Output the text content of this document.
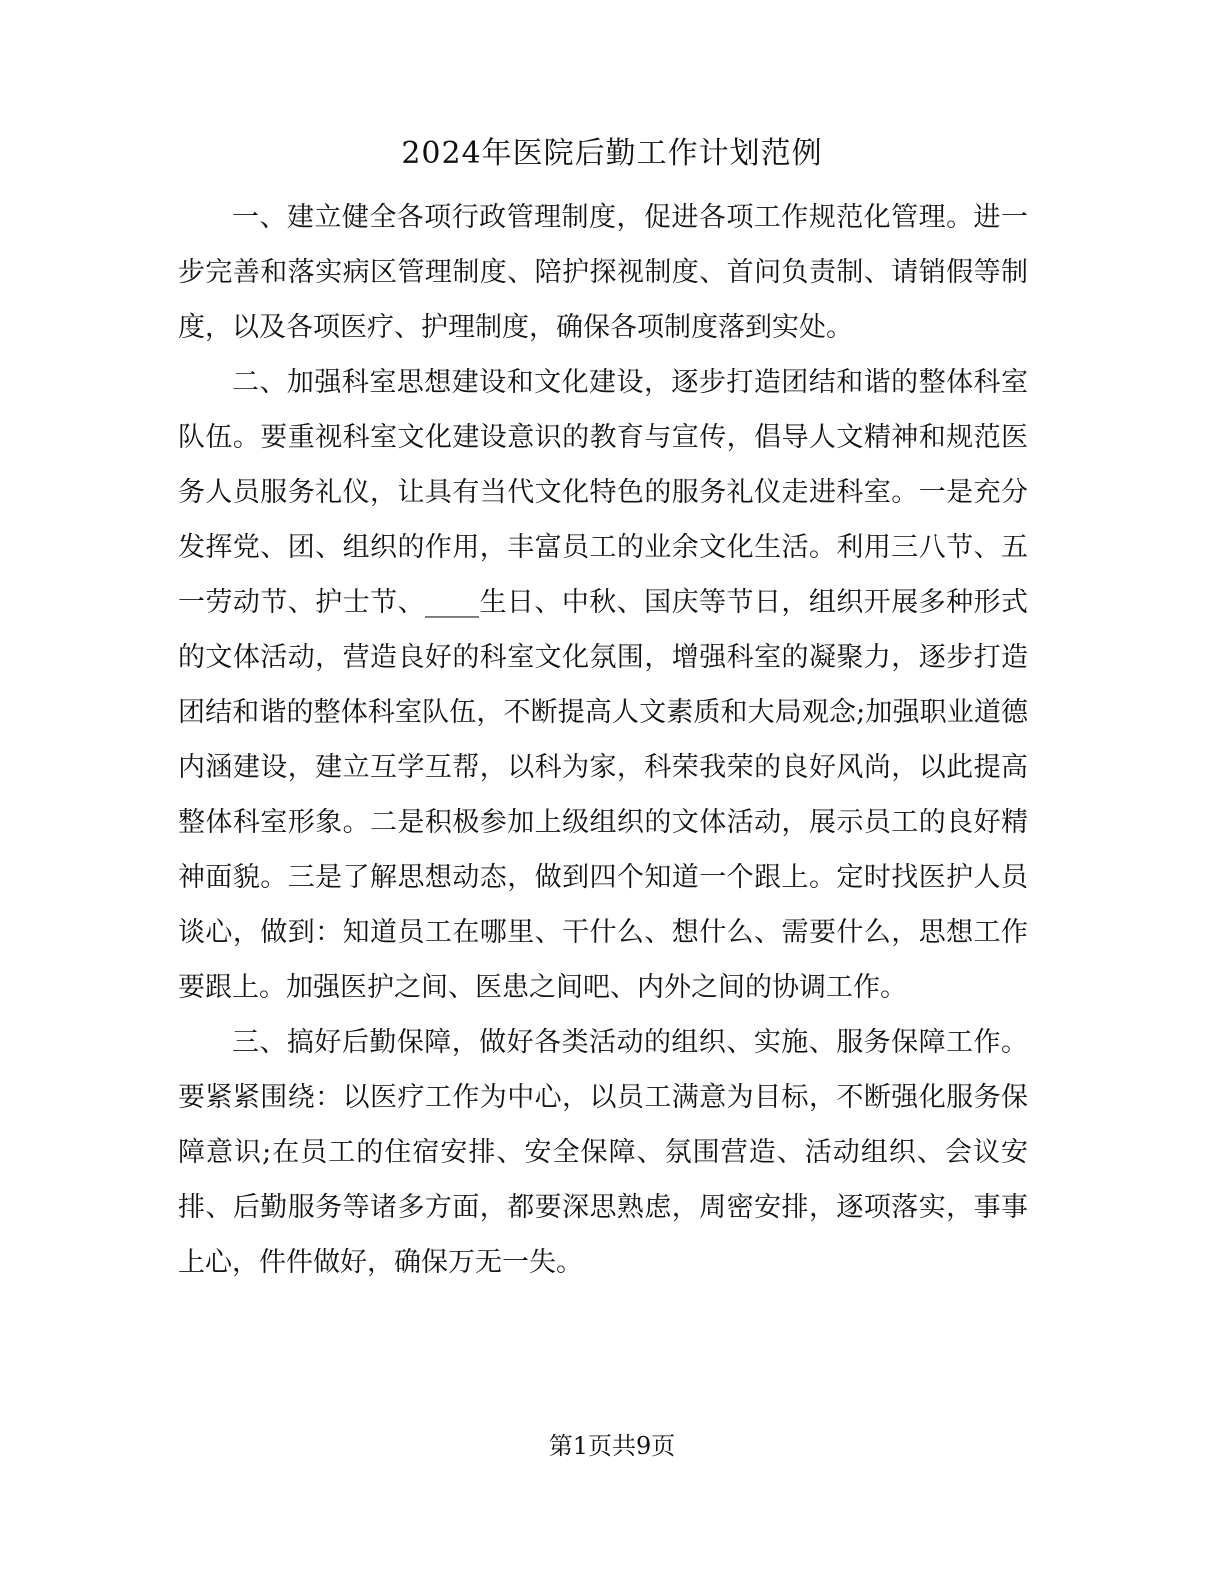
2024年医院后勤工作计划范例

一、建立健全各项行政管理制度，促进各项工作规范化管理。进一步完善和落实病区管理制度、陪护探视制度、首问负责制、请销假等制度，以及各项医疗、护理制度，确保各项制度落到实处。

二、加强科室思想建设和文化建设，逐步打造团结和谐的整体科室队伍。要重视科室文化建设意识的教育与宣传，倡导人文精神和规范医务人员服务礼仪，让具有当代文化特色的服务礼仪走进科室。一是充分发挥党、团、组织的作用，丰富员工的业余文化生活。利用三八节、五一劳动节、护士节、____生日、中秋、国庆等节日，组织开展多种形式的文体活动，营造良好的科室文化氛围，增强科室的凝聚力，逐步打造团结和谐的整体科室队伍，不断提高人文素质和大局观念;加强职业道德内涵建设，建立互学互帮，以科为家，科荣我荣的良好风尚，以此提高整体科室形象。二是积极参加上级组织的文体活动，展示员工的良好精神面貌。三是了解思想动态，做到四个知道一个跟上。定时找医护人员谈心，做到：知道员工在哪里、干什么、想什么、需要什么，思想工作要跟上。加强医护之间、医患之间吧、内外之间的协调工作。

三、搞好后勤保障，做好各类活动的组织、实施、服务保障工作。要紧紧围绕：以医疗工作为中心，以员工满意为目标，不断强化服务保障意识;在员工的住宿安排、安全保障、氛围营造、活动组织、会议安排、后勤服务等诸多方面，都要深思熟虑，周密安排，逐项落实，事事上心，件件做好，确保万无一失。

第1页共9页
